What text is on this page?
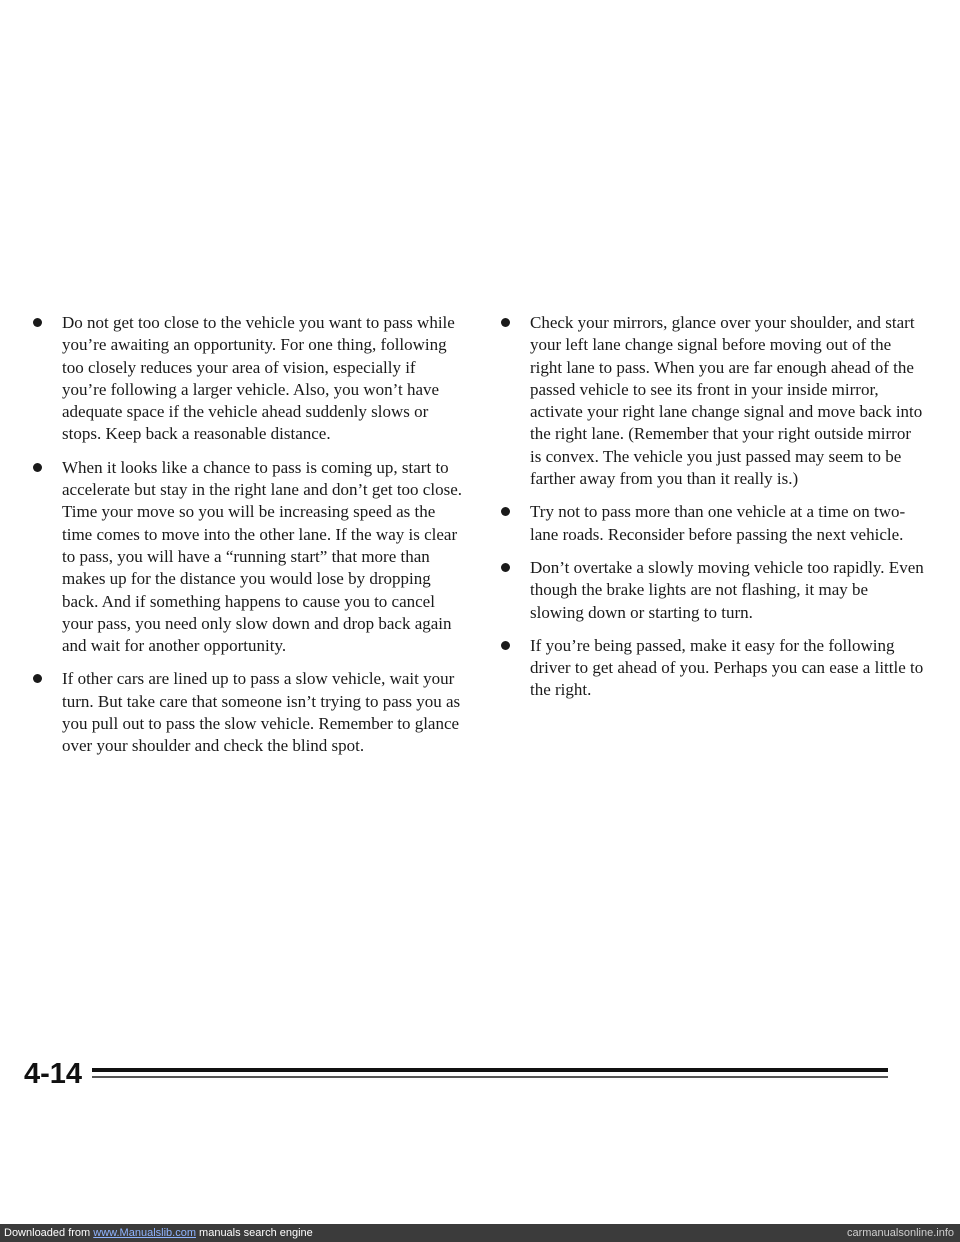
Do not get too close to the vehicle you want to pass while you’re awaiting an opportunity. For one thing, following too closely reduces your area of vision, especially if you’re following a larger vehicle. Also, you won’t have adequate space if the vehicle ahead suddenly slows or stops. Keep back a reasonable distance.
When it looks like a chance to pass is coming up, start to accelerate but stay in the right lane and don’t get too close. Time your move so you will be increasing speed as the time comes to move into the other lane. If the way is clear to pass, you will have a “running start” that more than makes up for the distance you would lose by dropping back. And if something happens to cause you to cancel your pass, you need only slow down and drop back again and wait for another opportunity.
If other cars are lined up to pass a slow vehicle, wait your turn. But take care that someone isn’t trying to pass you as you pull out to pass the slow vehicle. Remember to glance over your shoulder and check the blind spot.
Check your mirrors, glance over your shoulder, and start your left lane change signal before moving out of the right lane to pass. When you are far enough ahead of the passed vehicle to see its front in your inside mirror, activate your right lane change signal and move back into the right lane. (Remember that your right outside mirror is convex. The vehicle you just passed may seem to be farther away from you than it really is.)
Try not to pass more than one vehicle at a time on two-lane roads. Reconsider before passing the next vehicle.
Don’t overtake a slowly moving vehicle too rapidly. Even though the brake lights are not flashing, it may be slowing down or starting to turn.
If you’re being passed, make it easy for the following driver to get ahead of you. Perhaps you can ease a little to the right.
4-14
Downloaded from www.Manualslib.com manuals search engine	carmanualsonline.info
